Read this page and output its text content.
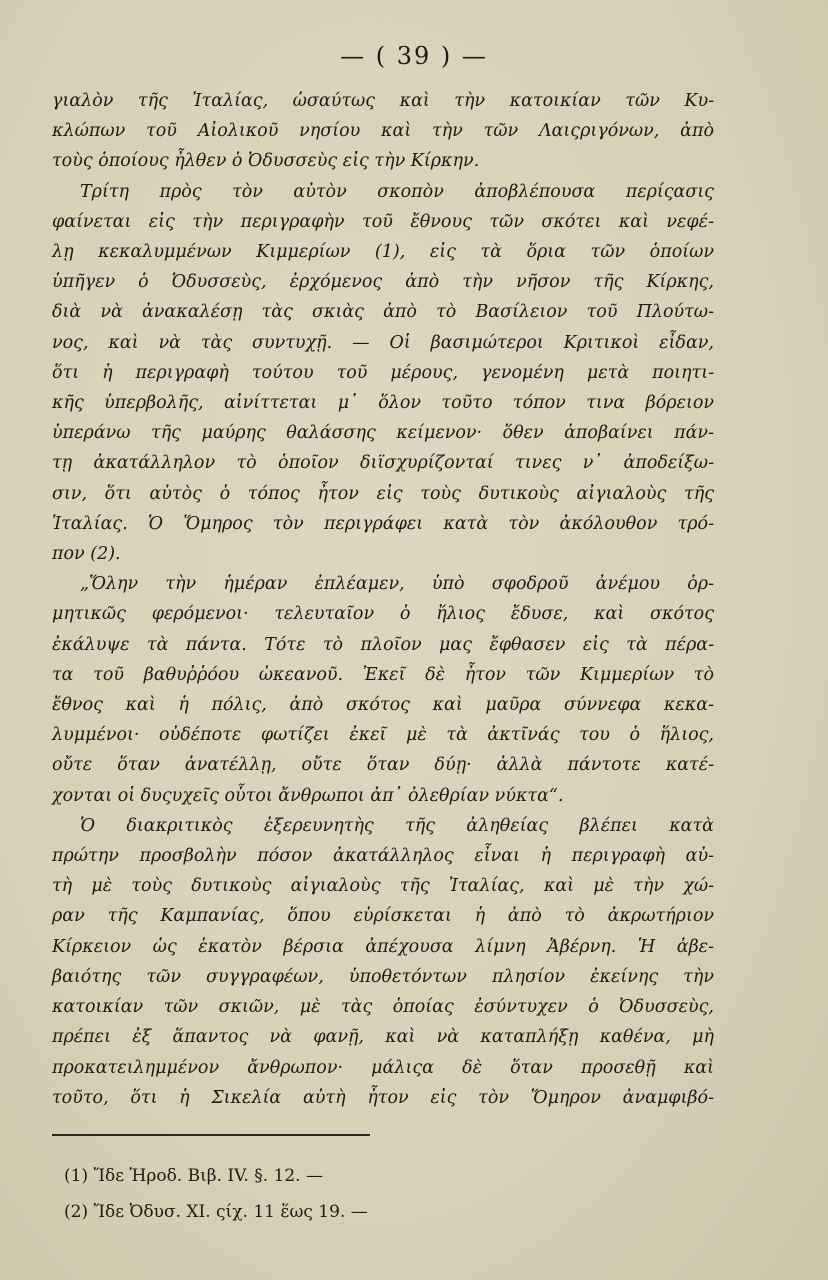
— ( 39 ) —
γιαλὸν τῆς Ἰταλίας, ὡσαύτως καὶ τὴν κατοικίαν τῶν Κυ-
κλώπων τοῦ Αἰολικοῦ νησίου καὶ τὴν τῶν Λαιςριγόνων, ἀπὸ
τοὺς ὁποίους ἦλθεν ὁ Ὀδυσσεὺς εἰς τὴν Κίρκην.
Τρίτη πρὸς τὸν αὐτὸν σκοπὸν ἀποβλέπουσα περίςασις
φαίνεται εἰς τὴν περιγραφὴν τοῦ ἔθνους τῶν σκότει καὶ νεφέ-
λῃ κεκαλυμμένων Κιμμερίων (1), εἰς τὰ ὅρια τῶν ὁποίων
ὑπῆγεν ὁ Ὀδυσσεὺς, ἐρχόμενος ἀπὸ τὴν νῆσον τῆς Κίρκης,
διὰ νὰ ἀνακαλέσῃ τὰς σκιὰς ἀπὸ τὸ Βασίλειον τοῦ Πλούτω-
νος, καὶ νὰ τὰς συντυχῇ. — Οἱ βασιμώτεροι Κριτικοὶ εἶδαν,
ὅτι ἡ περιγραφὴ τούτου τοῦ μέρους, γενομένη μετὰ ποιητι-
κῆς ὑπερβολῆς, αἰνίττεται μ᾽ ὅλον τοῦτο τόπον τινα βόρειον
ὑπεράνω τῆς μαύρης θαλάσσης κείμενον· ὅθεν ἀποβαίνει πάν-
τῃ ἀκατάλληλον τὸ ὁποῖον διϊσχυρίζονταί τινες ν᾽ ἀποδείξω-
σιν, ὅτι αὐτὸς ὁ τόπος ἦτον εἰς τοὺς δυτικοὺς αἰγιαλοὺς τῆς
Ἰταλίας. Ὁ Ὅμηρος τὸν περιγράφει κατὰ τὸν ἀκόλουθον τρό-
πον (2).
„Ὅλην τὴν ἡμέραν ἐπλέαμεν, ὑπὸ σφοδροῦ ἀνέμου ὁρ-
μητικῶς φερόμενοι· τελευταῖον ὁ ἥλιος ἔδυσε, καὶ σκότος
ἐκάλυψε τὰ πάντα. Τότε τὸ πλοῖον μας ἔφθασεν εἰς τὰ πέρα-
τα τοῦ βαθυῤῥόου ὠκεανοῦ. Ἐκεῖ δὲ ἦτον τῶν Κιμμερίων τὸ
ἔθνος καὶ ἡ πόλις, ἀπὸ σκότος καὶ μαῦρα σύννεφα κεκα-
λυμμένοι· οὐδέποτε φωτίζει ἐκεῖ μὲ τὰ ἀκτῖνάς του ὁ ἥλιος,
οὔτε ὅταν ἀνατέλλῃ, οὔτε ὅταν δύῃ· ἀλλὰ πάντοτε κατέ-
χονται οἱ δυςυχεῖς οὗτοι ἄνθρωποι ἀπ᾽ ὀλεθρίαν νύκτα“.
Ὁ διακριτικὸς ἐξερευνητὴς τῆς ἀληθείας βλέπει κατὰ
πρώτην προσβολὴν πόσον ἀκατάλληλος εἶναι ἡ περιγραφὴ αὐ-
τὴ μὲ τοὺς δυτικοὺς αἰγιαλοὺς τῆς Ἰταλίας, καὶ μὲ τὴν χώ-
ραν τῆς Καμπανίας, ὅπου εὑρίσκεται ἡ ἀπὸ τὸ ἀκρωτήριον
Κίρκειον ὡς ἑκατὸν βέρσια ἀπέχουσα λίμνη Ἀβέρνη. Ἡ ἀβε-
βαιότης τῶν συγγραφέων, ὑποθετόντων πλησίον ἐκείνης τὴν
κατοικίαν τῶν σκιῶν, μὲ τὰς ὁποίας ἐσύντυχεν ὁ Ὀδυσσεὺς,
πρέπει ἐξ ἅπαντος νὰ φανῇ, καὶ νὰ καταπλήξῃ καθένα, μὴ
προκατειλημμένον ἄνθρωπον· μάλιςα δὲ ὅταν προσεθῇ καὶ
τοῦτο, ὅτι ἡ Σικελία αὐτὴ ἦτον εἰς τὸν Ὅμηρον ἀναμφιβό-
(1) Ἴδε Ἡροδ. Βιβ. IV. §. 12. —
(2) Ἴδε Ὀδυσ. XI. ςίχ. 11 ἕως 19. —
